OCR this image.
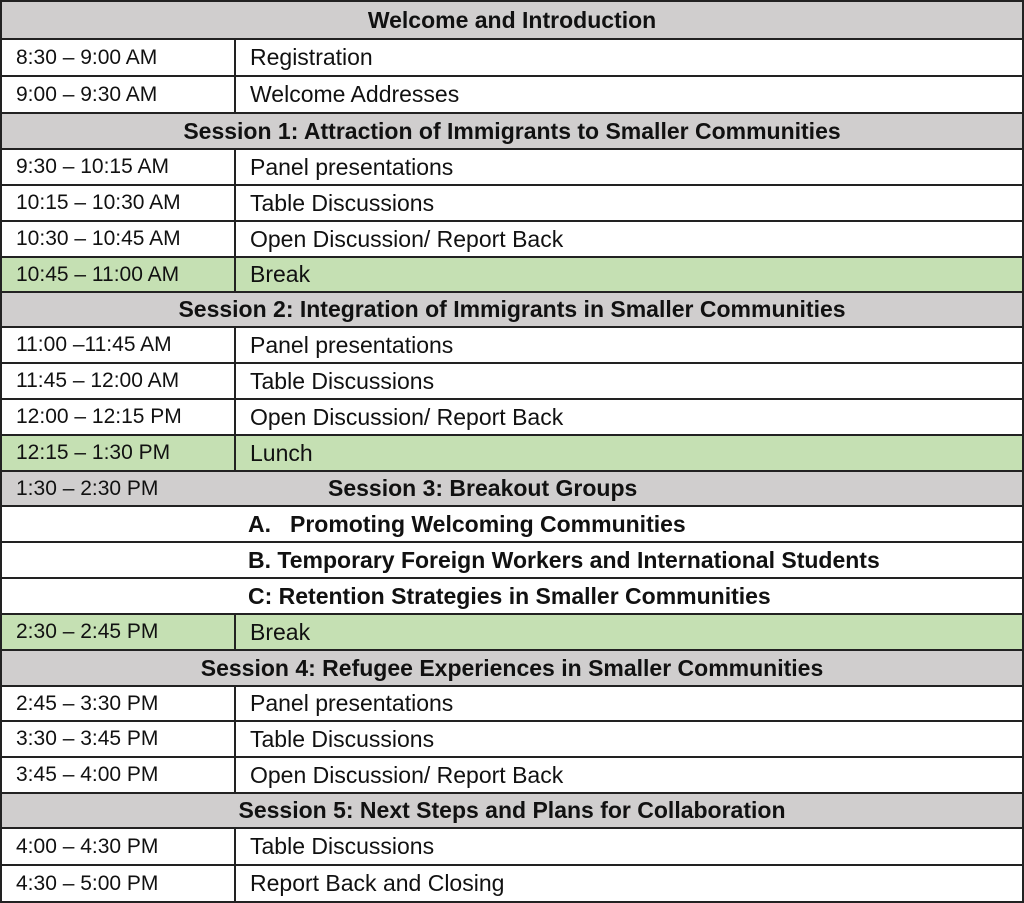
Welcome and Introduction
8:30 – 9:00 AM	Registration
9:00 – 9:30 AM	Welcome Addresses
Session 1: Attraction of Immigrants to Smaller Communities
9:30 – 10:15 AM	Panel presentations
10:15 – 10:30 AM	Table Discussions
10:30 – 10:45 AM	Open Discussion/ Report Back
10:45 – 11:00 AM	Break
Session 2: Integration of Immigrants in Smaller Communities
11:00 –11:45 AM	Panel presentations
11:45 – 12:00 AM	Table Discussions
12:00 – 12:15 PM	Open Discussion/ Report Back
12:15 – 1:30 PM	Lunch
1:30 – 2:30 PM	Session 3: Breakout Groups
A. Promoting Welcoming Communities
B. Temporary Foreign Workers and International Students
C: Retention Strategies in Smaller Communities
2:30 – 2:45 PM	Break
Session 4: Refugee Experiences in Smaller Communities
2:45 – 3:30 PM	Panel presentations
3:30 – 3:45 PM	Table Discussions
3:45 – 4:00 PM	Open Discussion/ Report Back
Session 5: Next Steps and Plans for Collaboration
4:00 – 4:30 PM	Table Discussions
4:30 – 5:00 PM	Report Back and Closing
